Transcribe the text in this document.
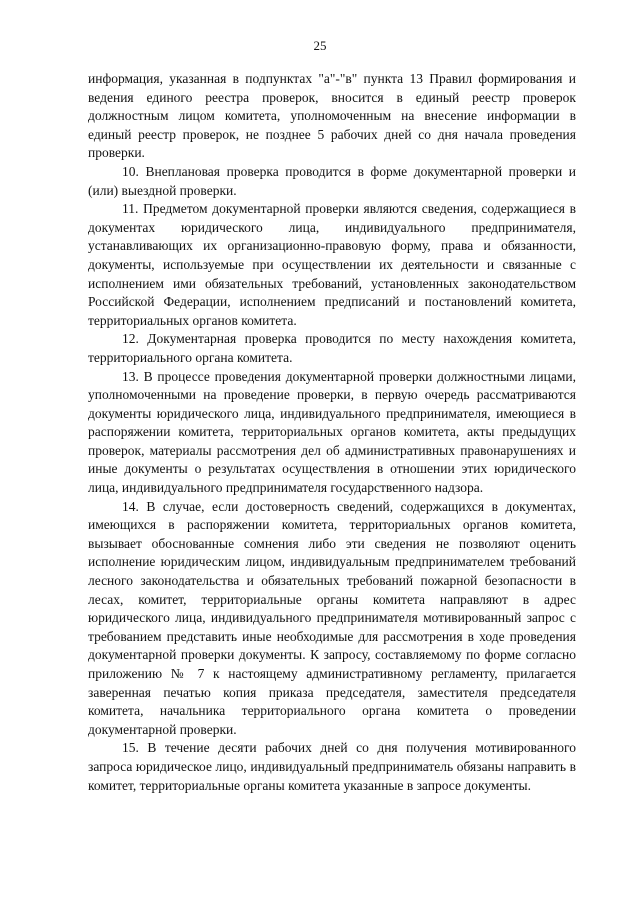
25

информация, указанная в подпунктах "а"-"в" пункта 13 Правил формирования и ведения единого реестра проверок, вносится в единый реестр проверок должностным лицом комитета, уполномоченным на внесение информации в единый реестр проверок, не позднее 5 рабочих дней со дня начала проведения проверки.

10. Внеплановая проверка проводится в форме документарной проверки и (или) выездной проверки.

11. Предметом документарной проверки являются сведения, содержащиеся в документах юридического лица, индивидуального предпринимателя, устанавливающих их организационно-правовую форму, права и обязанности, документы, используемые при осуществлении их деятельности и связанные с исполнением ими обязательных требований, установленных законодательством Российской Федерации, исполнением предписаний и постановлений комитета, территориальных органов комитета.

12. Документарная проверка проводится по месту нахождения комитета, территориального органа комитета.

13. В процессе проведения документарной проверки должностными лицами, уполномоченными на проведение проверки, в первую очередь рассматриваются документы юридического лица, индивидуального предпринимателя, имеющиеся в распоряжении комитета, территориальных органов комитета, акты предыдущих проверок, материалы рассмотрения дел об административных правонарушениях и иные документы о результатах осуществления в отношении этих юридического лица, индивидуального предпринимателя государственного надзора.

14. В случае, если достоверность сведений, содержащихся в документах, имеющихся в распоряжении комитета, территориальных органов комитета, вызывает обоснованные сомнения либо эти сведения не позволяют оценить исполнение юридическим лицом, индивидуальным предпринимателем требований лесного законодательства и обязательных требований пожарной безопасности в лесах, комитет, территориальные органы комитета направляют в адрес юридического лица, индивидуального предпринимателя мотивированный запрос с требованием представить иные необходимые для рассмотрения в ходе проведения документарной проверки документы. К запросу, составляемому по форме согласно приложению № 7 к настоящему административному регламенту, прилагается заверенная печатью копия приказа председателя, заместителя председателя комитета, начальника территориального органа комитета о проведении документарной проверки.

15. В течение десяти рабочих дней со дня получения мотивированного запроса юридическое лицо, индивидуальный предприниматель обязаны направить в комитет, территориальные органы комитета указанные в запросе документы.
